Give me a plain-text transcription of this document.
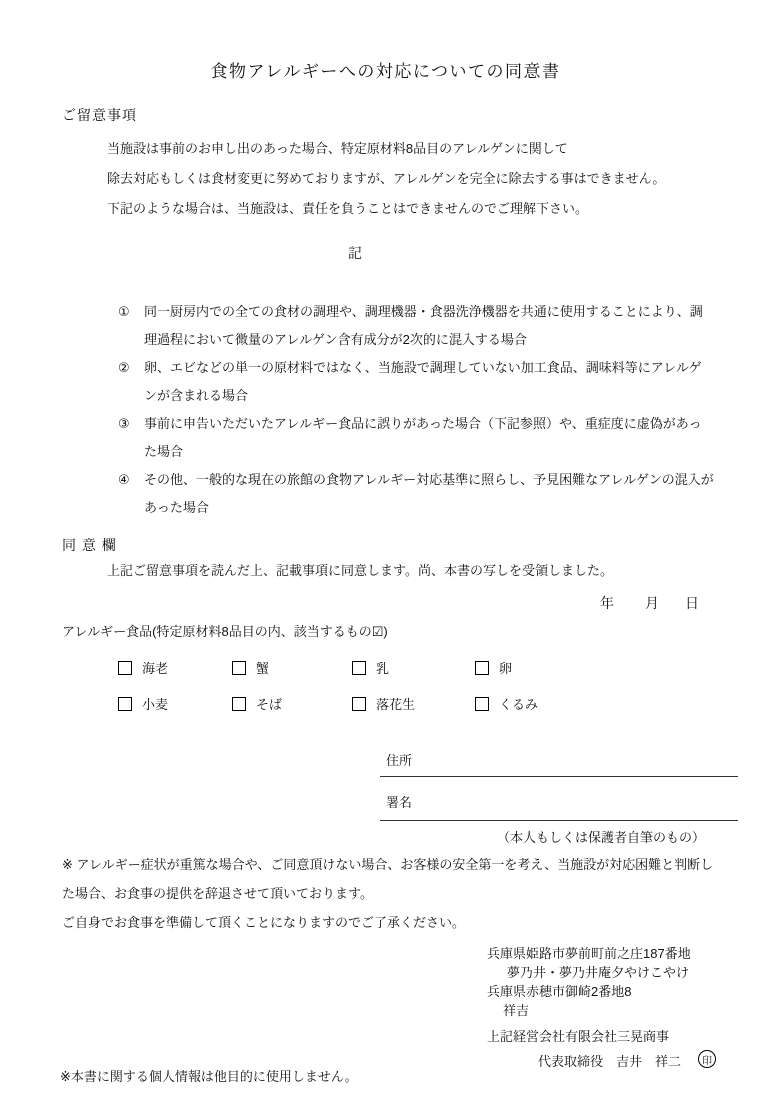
食物アレルギーへの対応についての同意書
ご留意事項
当施設は事前のお申し出のあった場合、特定原材料8品目のアレルゲンに関して
除去対応もしくは食材変更に努めておりますが、アレルゲンを完全に除去する事はできません。
下記のような場合は、当施設は、責任を負うことはできませんのでご理解下さい。
記
①	同一厨房内での全ての食材の調理や、調理機器・食器洗浄機器を共通に使用することにより、調理過程において微量のアレルゲン含有成分が2次的に混入する場合
②	卵、エビなどの単一の原材料ではなく、当施設で調理していない加工食品、調味料等にアレルゲンが含まれる場合
③	事前に申告いただいたアレルギー食品に誤りがあった場合（下記参照）や、重症度に虚偽があった場合
④	その他、一般的な現在の旅館の食物アレルギー対応基準に照らし、予見困難なアレルゲンの混入があった場合
同 意 欄
上記ご留意事項を読んだ上、記載事項に同意します。尚、本書の写しを受領しました。
年 月 日
アレルギー食品(特定原材料8品目の内、該当するもの☑)
海老	蟹	乳	卵
小麦	そば	落花生	くるみ
住所
署名
（本人もしくは保護者自筆のもの）

※ アレルギー症状が重篤な場合や、ご同意頂けない場合、お客様の安全第一を考え、当施設が対応困難と判断した場合、お食事の提供を辞退させて頂いております。

ご自身でお食事を準備して頂くことになりますのでご了承ください。

兵庫県姫路市夢前町前之庄187番地
夢乃井・夢乃井庵夕やけこやけ
兵庫県赤穂市御崎2番地8
祥吉
上記経営会社有限会社三晃商事
代表取締役　吉井　祥二	印
※本書に関する個人情報は他目的に使用しません。
